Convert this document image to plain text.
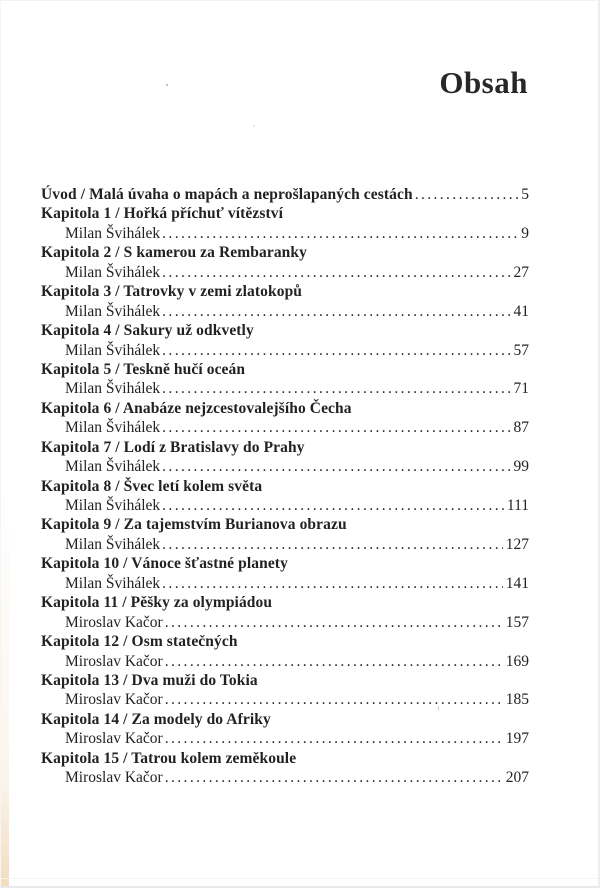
Obsah
Úvod / Malá úvaha o mapách a neprošlapaných cestách .....	5
Kapitola 1 / Hořká příchuť vítězství
Milan Švihálek .....	9
Kapitola 2 / S kamerou za Rembaranky
Milan Švihálek .....	27
Kapitola 3 / Tatrovky v zemi zlatokopů
Milan Švihálek .....	41
Kapitola 4 / Sakury už odkvetly
Milan Švihálek .....	57
Kapitola 5 / Teskně hučí oceán
Milan Švihálek .....	71
Kapitola 6 / Anabáze nejzcestovalejšího Čecha
Milan Švihálek .....	87
Kapitola 7 / Lodí z Bratislavy do Prahy
Milan Švihálek .....	99
Kapitola 8 / Švec letí kolem světa
Milan Švihálek .....	111
Kapitola 9 / Za tajemstvím Burianova obrazu
Milan Švihálek .....	127
Kapitola 10 / Vánoce šťastné planety
Milan Švihálek .....	141
Kapitola 11 / Pěšky za olympiádou
Miroslav Kačor .....	157
Kapitola 12 / Osm statečných
Miroslav Kačor .....	169
Kapitola 13 / Dva muži do Tokia
Miroslav Kačor .....	185
Kapitola 14 / Za modely do Afriky
Miroslav Kačor .....	197
Kapitola 15 / Tatrou kolem zeměkoule
Miroslav Kačor .....	207
